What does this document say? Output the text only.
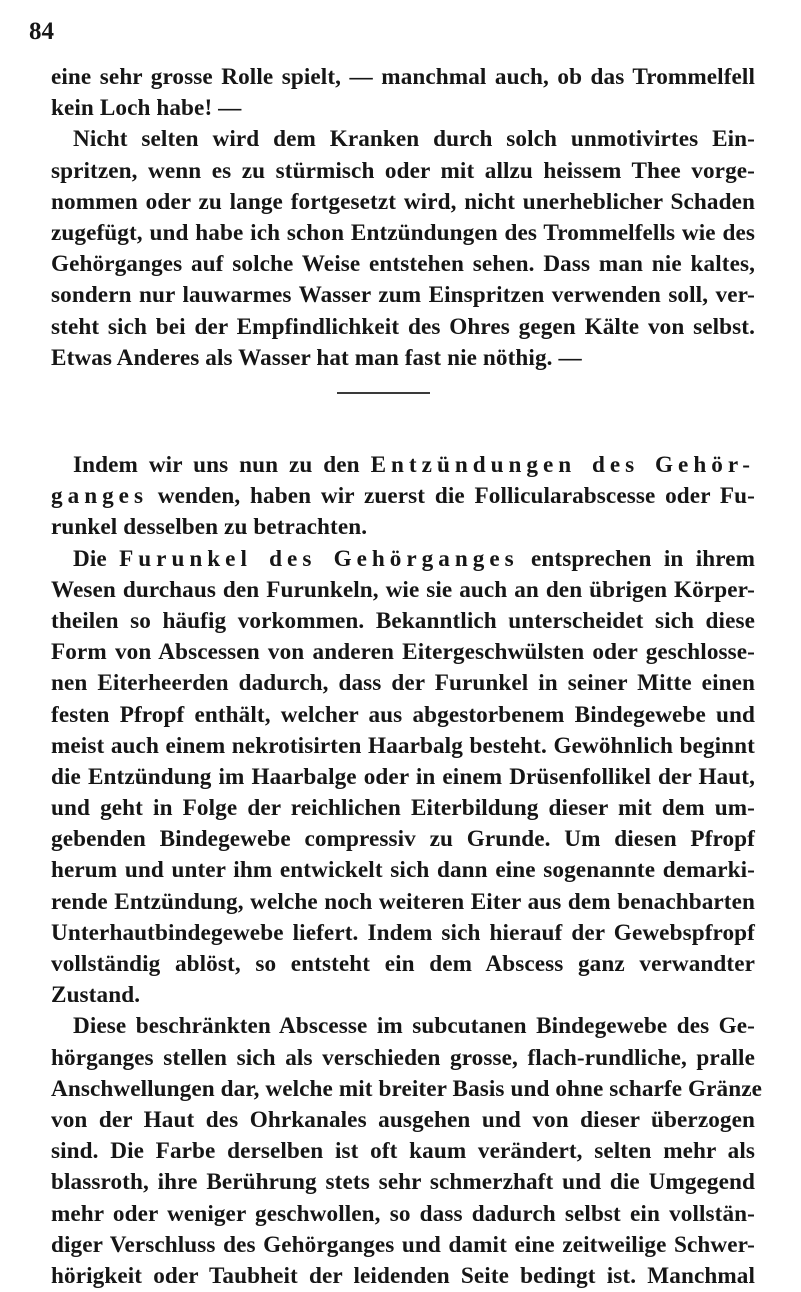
84
eine sehr grosse Rolle spielt, — manchmal auch, ob das Trommelfell
kein Loch habe! —
Nicht selten wird dem Kranken durch solch unmotivirtes Ein-
spritzen, wenn es zu stürmisch oder mit allzu heissem Thee vorge-
nommen oder zu lange fortgesetzt wird, nicht unerheblicher Schaden
zugefügt, und habe ich schon Entzündungen des Trommelfells wie des
Gehörganges auf solche Weise entstehen sehen. Dass man nie kaltes,
sondern nur lauwarmes Wasser zum Einspritzen verwenden soll, ver-
steht sich bei der Empfindlichkeit des Ohres gegen Kälte von selbst.
Etwas Anderes als Wasser hat man fast nie nöthig. —
Indem wir uns nun zu den Entzündungen des Gehör-
ganges wenden, haben wir zuerst die Follicularabscesse oder Fu-
runkel desselben zu betrachten.
Die Furunkel des Gehörganges entsprechen in ihrem
Wesen durchaus den Furunkeln, wie sie auch an den übrigen Körper-
theilen so häufig vorkommen. Bekanntlich unterscheidet sich diese
Form von Abscessen von anderen Eitergeschwülsten oder geschlosse-
nen Eiterheerden dadurch, dass der Furunkel in seiner Mitte einen
festen Pfropf enthält, welcher aus abgestorbenem Bindegewebe und
meist auch einem nekrotisirten Haarbalg besteht. Gewöhnlich beginnt
die Entzündung im Haarbalge oder in einem Drüsenfollikel der Haut,
und geht in Folge der reichlichen Eiterbildung dieser mit dem um-
gebenden Bindegewebe compressiv zu Grunde. Um diesen Pfropf
herum und unter ihm entwickelt sich dann eine sogenannte demarki-
rende Entzündung, welche noch weiteren Eiter aus dem benachbarten
Unterhautbindegewebe liefert. Indem sich hierauf der Gewebspfropf
vollständig ablöst, so entsteht ein dem Abscess ganz verwandter
Zustand.
Diese beschränkten Abscesse im subcutanen Bindegewebe des Ge-
hörganges stellen sich als verschieden grosse, flach-rundliche, pralle
Anschwellungen dar, welche mit breiter Basis und ohne scharfe Gränze
von der Haut des Ohrkanales ausgehen und von dieser überzogen
sind. Die Farbe derselben ist oft kaum verändert, selten mehr als
blassroth, ihre Berührung stets sehr schmerzhaft und die Umgegend
mehr oder weniger geschwollen, so dass dadurch selbst ein vollstän-
diger Verschluss des Gehörganges und damit eine zeitweilige Schwer-
hörigkeit oder Taubheit der leidenden Seite bedingt ist. Manchmal
